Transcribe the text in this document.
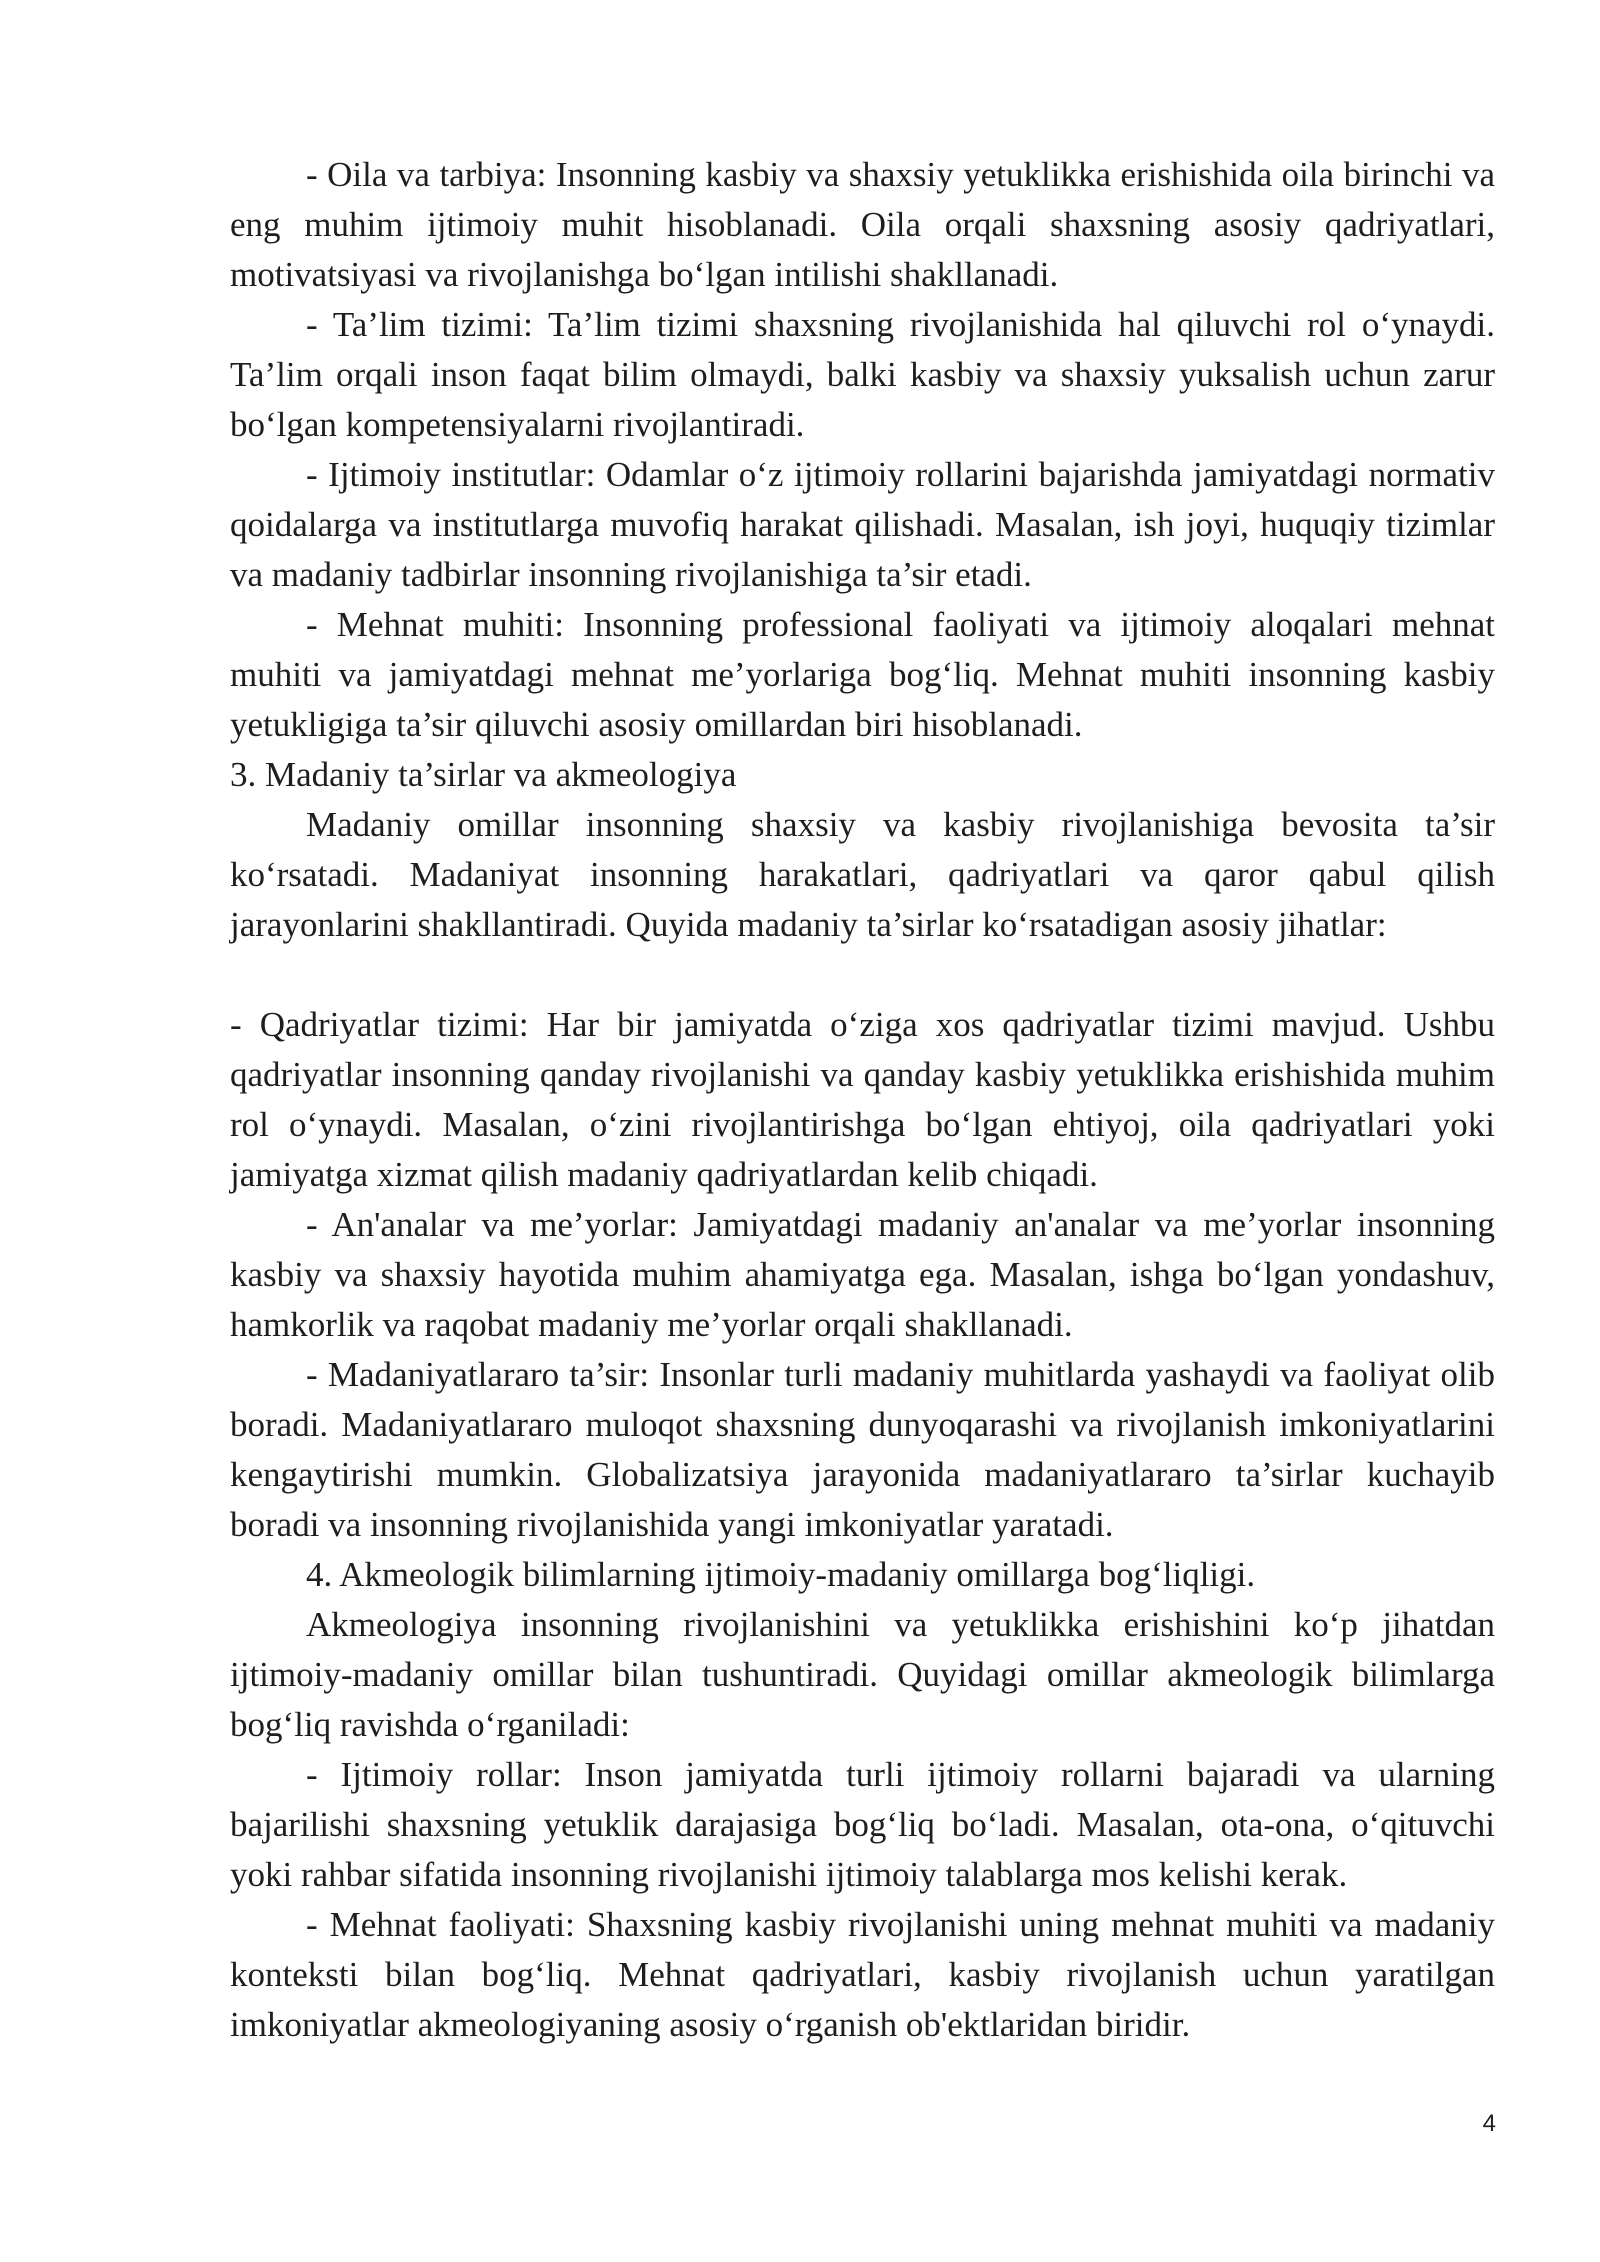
- Oila va tarbiya: Insonning kasbiy va shaxsiy yetuklikka erishishida oila birinchi va eng muhim ijtimoiy muhit hisoblanadi. Oila orqali shaxsning asosiy qadriyatlari, motivatsiyasi va rivojlanishga bo‘lgan intilishi shakllanadi.

- Ta’lim tizimi: Ta’lim tizimi shaxsning rivojlanishida hal qiluvchi rol o‘ynaydi. Ta’lim orqali inson faqat bilim olmaydi, balki kasbiy va shaxsiy yuksalish uchun zarur bo‘lgan kompetensiyalarni rivojlantiradi.

- Ijtimoiy institutlar: Odamlar o‘z ijtimoiy rollarini bajarishda jamiyatdagi normativ qoidalarga va institutlarga muvofiq harakat qilishadi. Masalan, ish joyi, huquqiy tizimlar va madaniy tadbirlar insonning rivojlanishiga ta’sir etadi.

- Mehnat muhiti: Insonning professional faoliyati va ijtimoiy aloqalari mehnat muhiti va jamiyatdagi mehnat me’yorlariga bog‘liq. Mehnat muhiti insonning kasbiy yetukligiga ta’sir qiluvchi asosiy omillardan biri hisoblanadi.

3. Madaniy ta’sirlar va akmeologiya

Madaniy omillar insonning shaxsiy va kasbiy rivojlanishiga bevosita ta’sir ko‘rsatadi. Madaniyat insonning harakatlari, qadriyatlari va qaror qabul qilish jarayonlarini shakllantiradi. Quyida madaniy ta’sirlar ko‘rsatadigan asosiy jihatlar:

- Qadriyatlar tizimi: Har bir jamiyatda o‘ziga xos qadriyatlar tizimi mavjud. Ushbu qadriyatlar insonning qanday rivojlanishi va qanday kasbiy yetuklikka erishishida muhim rol o‘ynaydi. Masalan, o‘zini rivojlantirishga bo‘lgan ehtiyoj, oila qadriyatlari yoki jamiyatga xizmat qilish madaniy qadriyatlardan kelib chiqadi.

- An'analar va me’yorlar: Jamiyatdagi madaniy an'analar va me’yorlar insonning kasbiy va shaxsiy hayotida muhim ahamiyatga ega. Masalan, ishga bo‘lgan yondashuv, hamkorlik va raqobat madaniy me’yorlar orqali shakllanadi.

- Madaniyatlararo ta’sir: Insonlar turli madaniy muhitlarda yashaydi va faoliyat olib boradi. Madaniyatlararo muloqot shaxsning dunyoqarashi va rivojlanish imkoniyatlarini kengaytirishi mumkin. Globalizatsiya jarayonida madaniyatlararo ta’sirlar kuchayib boradi va insonning rivojlanishida yangi imkoniyatlar yaratadi.

4. Akmeologik bilimlarning ijtimoiy-madaniy omillarga bog‘liqligi.

Akmeologiya insonning rivojlanishini va yetuklikka erishishini ko‘p jihatdan ijtimoiy-madaniy omillar bilan tushuntiradi. Quyidagi omillar akmeologik bilimlarga bog‘liq ravishda o‘rganiladi:

- Ijtimoiy rollar: Inson jamiyatda turli ijtimoiy rollarni bajaradi va ularning bajarilishi shaxsning yetuklik darajasiga bog‘liq bo‘ladi. Masalan, ota-ona, o‘qituvchi yoki rahbar sifatida insonning rivojlanishi ijtimoiy talablarga mos kelishi kerak.

- Mehnat faoliyati: Shaxsning kasbiy rivojlanishi uning mehnat muhiti va madaniy konteksti bilan bog‘liq. Mehnat qadriyatlari, kasbiy rivojlanish uchun yaratilgan imkoniyatlar akmeologiyaning asosiy o‘rganish ob'ektlaridan biridir.

4
